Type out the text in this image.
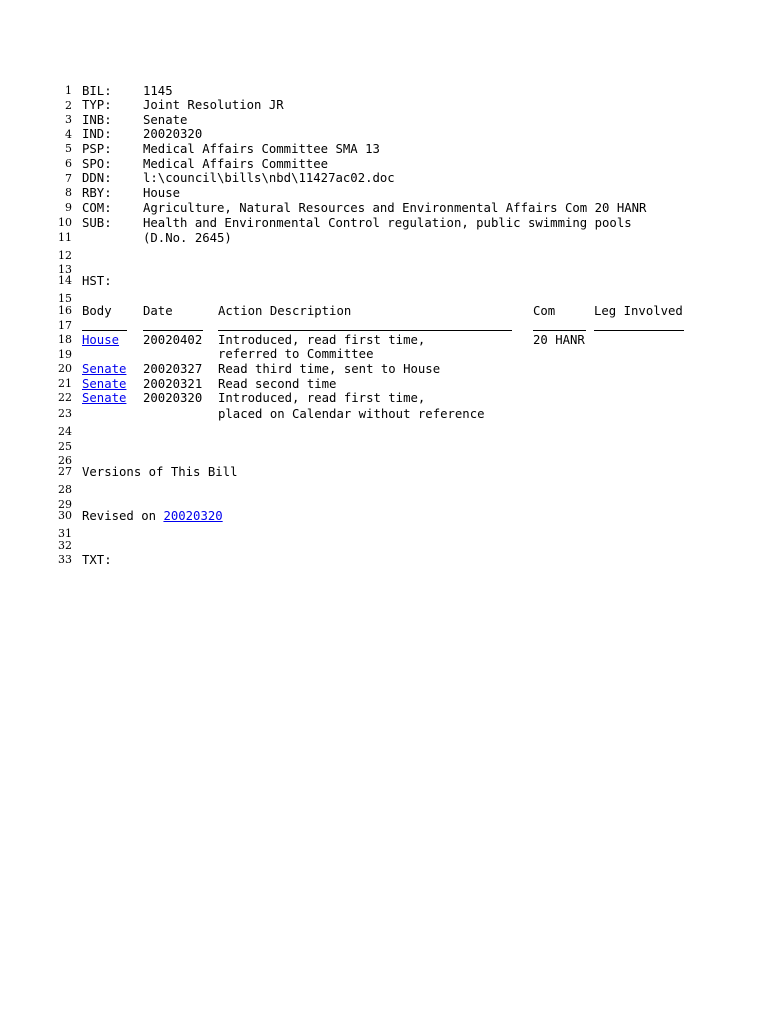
1
2
3
4
5
6
7
8
9
10
11
12
13
14
15
16
17
18
19
20
21
22
23
24
25
26
27
28
29
30
31
32
33
BIL:	1145
TYP:	Joint Resolution JR
INB:	Senate
IND:	20020320
PSP:	Medical Affairs Committee SMA 13
SPO:	Medical Affairs Committee
DDN:	l:\council\bills\nbd\11427ac02.doc
RBY:	House
COM:	Agriculture, Natural Resources and Environmental Affairs Com 20 HANR
SUB:	Health and Environmental Control regulation, public swimming pools
(D.No. 2645)
HST:
Body	Date	Action Description	Com	Leg Involved
House 20020402 Introduced, read first time,	20 HANR
referred to Committee
Senate 20020327 Read third time, sent to House
Senate 20020321 Read second time
Senate 20020320 Introduced, read first time,
placed on Calendar without reference
Versions of This Bill
Revised on 20020320
TXT:
